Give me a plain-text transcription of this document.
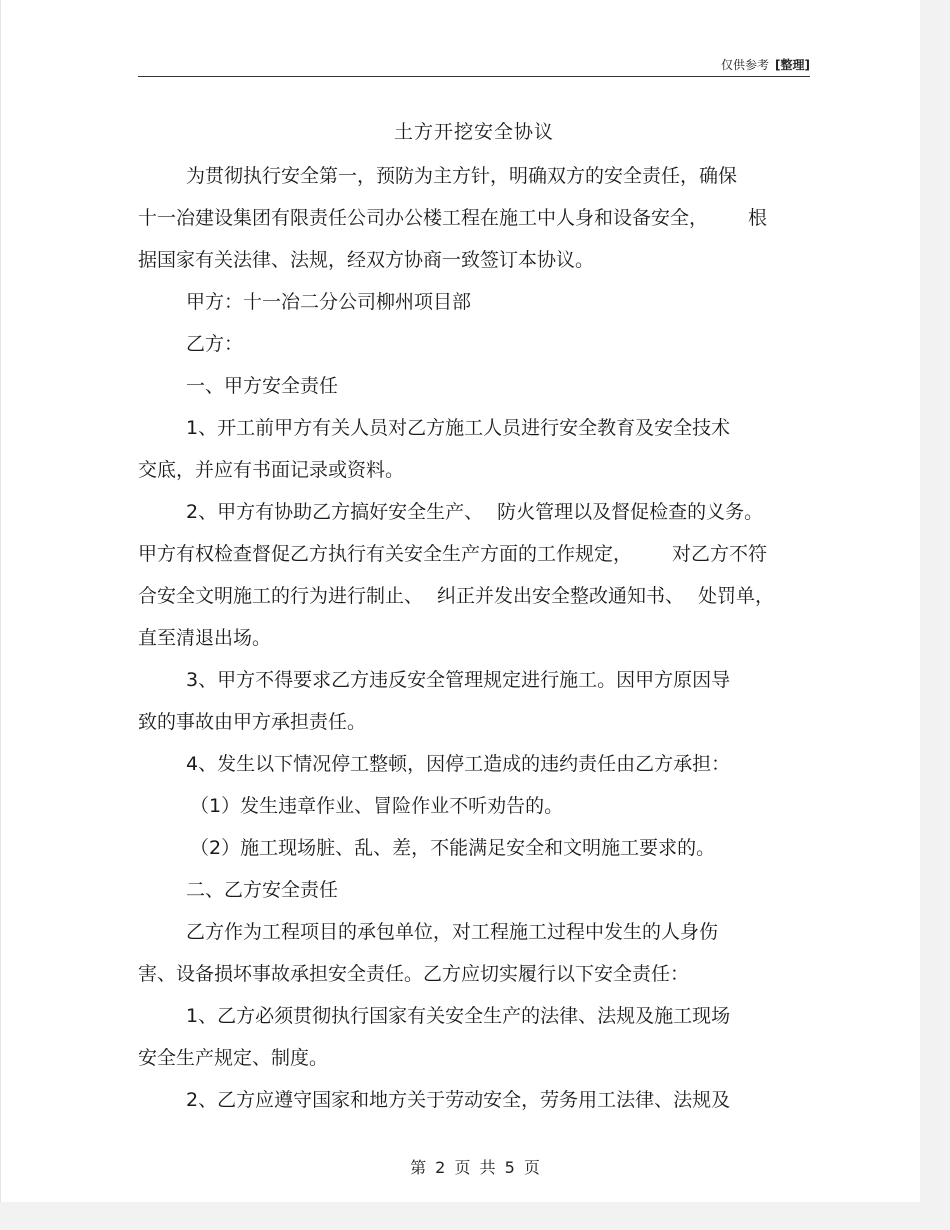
仅供参考 [整理]
土方开挖安全协议
为贯彻执行安全第一，预防为主方针，明确双方的安全责任，确保
十一冶建设集团有限责任公司办公楼工程在施工中人身和设备安全， 根
据国家有关法律、法规，经双方协商一致签订本协议。
甲方：十一冶二分公司柳州项目部
乙方：
一、甲方安全责任
1、开工前甲方有关人员对乙方施工人员进行安全教育及安全技术
交底，并应有书面记录或资料。
2、甲方有协助乙方搞好安全生产、 防火管理以及督促检查的义务。
甲方有权检查督促乙方执行有关安全生产方面的工作规定， 对乙方不符
合安全文明施工的行为进行制止、 纠正并发出安全整改通知书、 处罚单，
直至清退出场。
3、甲方不得要求乙方违反安全管理规定进行施工。因甲方原因导
致的事故由甲方承担责任。
4、发生以下情况停工整顿，因停工造成的违约责任由乙方承担：
（1）发生违章作业、冒险作业不听劝告的。
（2）施工现场脏、乱、差，不能满足安全和文明施工要求的。
二、乙方安全责任
乙方作为工程项目的承包单位，对工程施工过程中发生的人身伤
害、设备损坏事故承担安全责任。乙方应切实履行以下安全责任：
1、乙方必须贯彻执行国家有关安全生产的法律、法规及施工现场
安全生产规定、制度。
2、乙方应遵守国家和地方关于劳动安全，劳务用工法律、法规及
第 2 页 共 5 页
